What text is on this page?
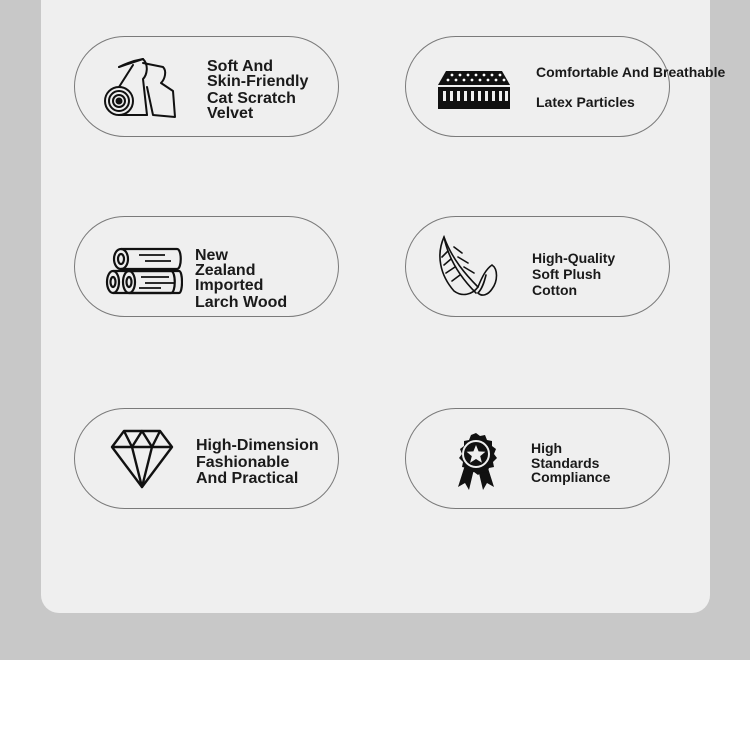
Soft And
Skin-Friendly
Cat Scratch
Velvet
Comfortable And Breathable
Latex Particles
New
Zealand
Imported
Larch Wood
High-Quality
Soft Plush
Cotton
High-Dimension
Fashionable
And Practical
High
Standards
Compliance
